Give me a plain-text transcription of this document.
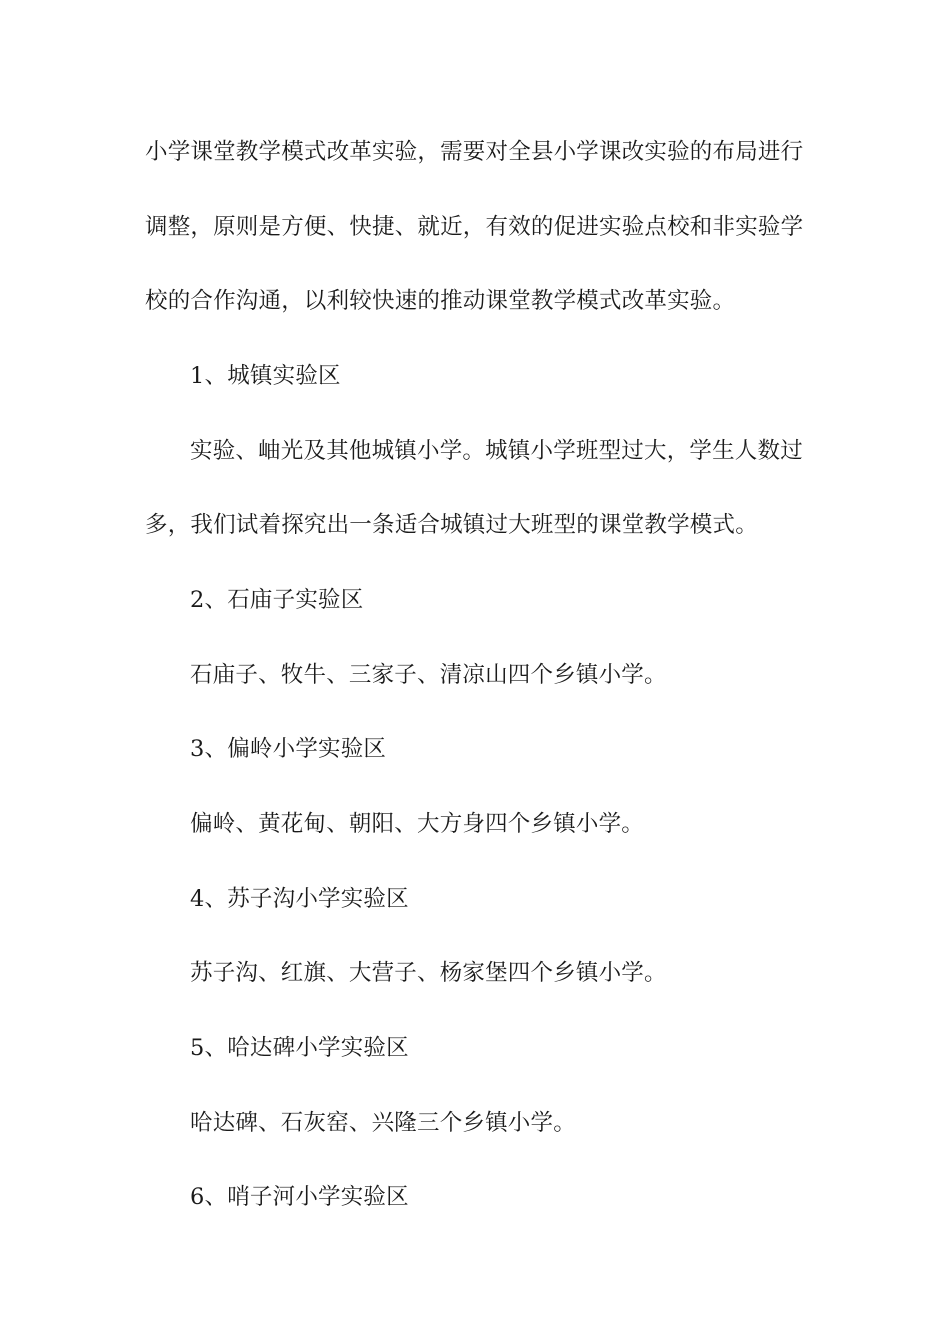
小学课堂教学模式改革实验，需要对全县小学课改实验的布局进行
调整，原则是方便、快捷、就近，有效的促进实验点校和非实验学
校的合作沟通，以利较快速的推动课堂教学模式改革实验。
1、城镇实验区
实验、岫光及其他城镇小学。城镇小学班型过大，学生人数过
多，我们试着探究出一条适合城镇过大班型的课堂教学模式。
2、石庙子实验区
石庙子、牧牛、三家子、清凉山四个乡镇小学。
3、偏岭小学实验区
偏岭、黄花甸、朝阳、大方身四个乡镇小学。
4、苏子沟小学实验区
苏子沟、红旗、大营子、杨家堡四个乡镇小学。
5、哈达碑小学实验区
哈达碑、石灰窑、兴隆三个乡镇小学。
6、哨子河小学实验区
